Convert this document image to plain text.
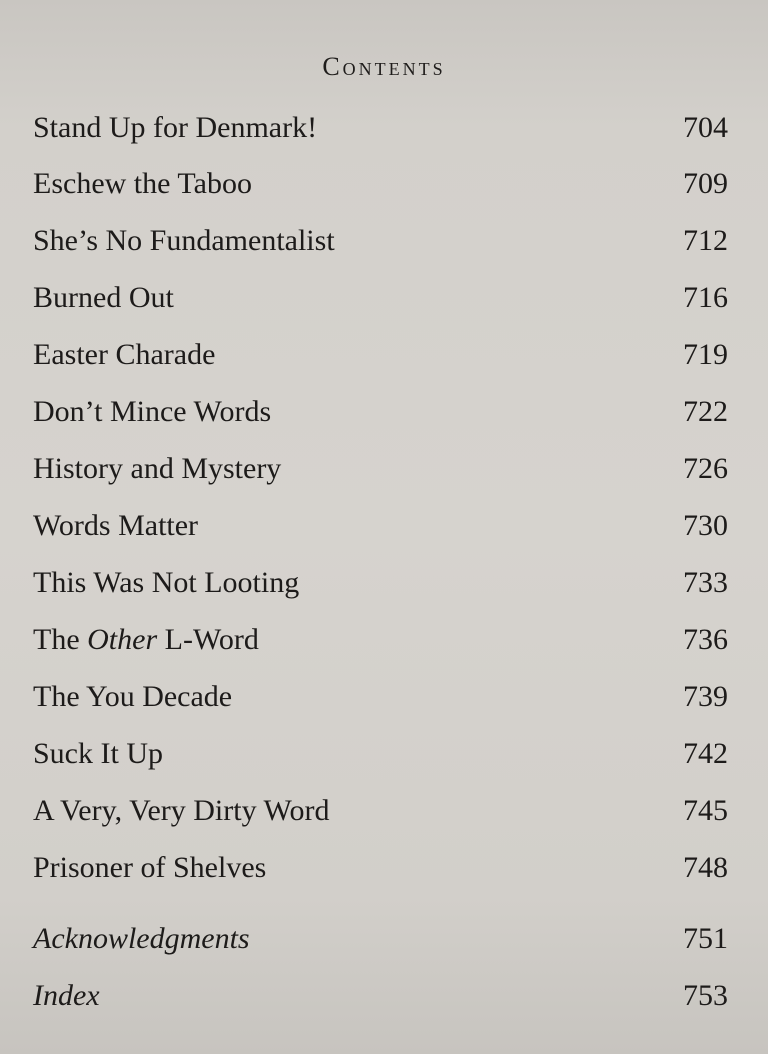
Contents
Stand Up for Denmark!	704
Eschew the Taboo	709
She’s No Fundamentalist	712
Burned Out	716
Easter Charade	719
Don’t Mince Words	722
History and Mystery	726
Words Matter	730
This Was Not Looting	733
The Other L-Word	736
The You Decade	739
Suck It Up	742
A Very, Very Dirty Word	745
Prisoner of Shelves	748
Acknowledgments	751
Index	753
